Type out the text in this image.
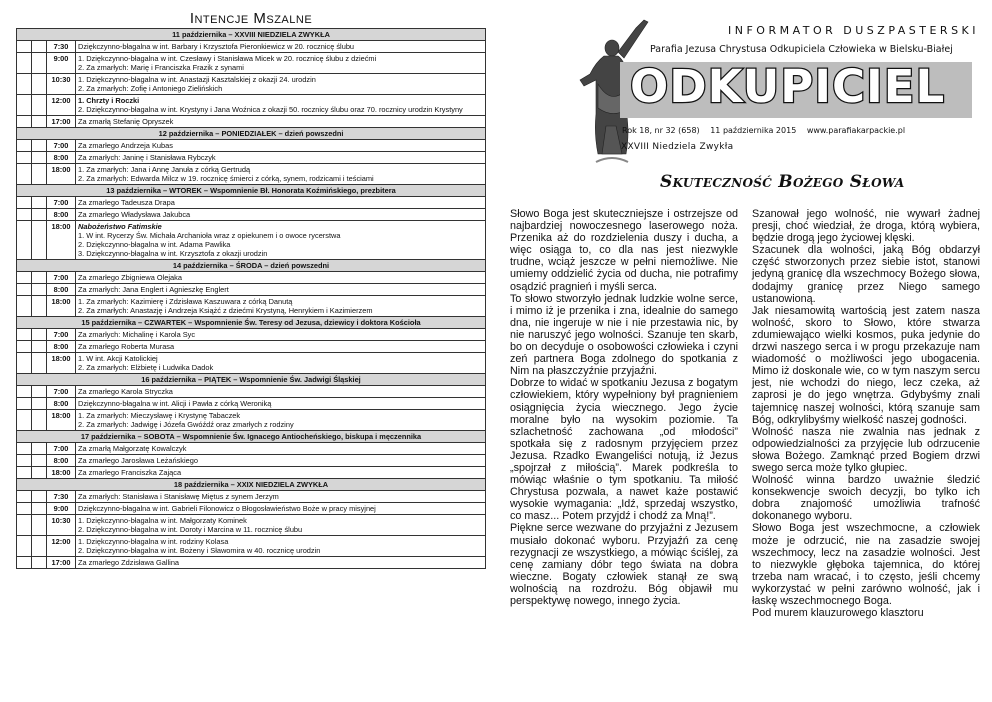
Intencje Mszalne
11 października – XXVIII NIEDZIELA ZWYKŁA			
		7:30	Dziękczynno-błagalna w int. Barbary i Krzysztofa Pieronkiewicz w 20. rocznicę ślubu

		9:00	1. Dziękczynno-błagalna w int. Czesławy i Stanisława Micek w 20. rocznicę ślubu z dziećmi
2. Za zmarłych: Marię i Franciszka Frazik z synami

		10:30	1. Dziękczynno-błagalna w int. Anastazji Kasztalskiej z okazji 24. urodzin
2. Za zmarłych: Zofię i Antoniego Zielińskich

		12:00	1. Chrzty i Roczki
2. Dziękczynno-błagalna w int. Krystyny i Jana Woźnica z okazji 50. rocznicy ślubu oraz 70. rocznicy urodzin Krystyny

		17:00	Za zmarłą Stefanię Opryszek

12 października – PONIEDZIAŁEK – dzień powszedni			
		7:00	Za zmarłego Andrzeja Kubas

		8:00	Za zmarłych: Janinę i Stanisława Rybczyk

		18:00	1. Za zmarłych: Jana i Annę Januła z córką Gertrudą
2. Za zmarłych: Edwarda Milcz w 19. rocznicę śmierci z córką, synem, rodzicami i teściami

13 października – WTOREK – Wspomnienie Bł. Honorata Koźmińskiego, prezbitera			
		7:00	Za zmarłego Tadeusza Drapa

		8:00	Za zmarłego Władysława Jakubca

		18:00	Nabożeństwo Fatimskie
1. W int. Rycerzy Św. Michała Archanioła wraz z opiekunem i o owoce rycerstwa
2. Dziękczynno-błagalna w int. Adama Pawlika
3. Dziękczynno-błagalna w int. Krzysztofa z okazji urodzin

14 października – ŚRODA – dzień powszedni			
		7:00	Za zmarłego Zbigniewa Olejaka

		8:00	Za zmarłych: Jana Englert i Agnieszkę Englert

		18:00	1. Za zmarłych: Kazimierę i Zdzisława Kaszuwara z córką Danutą
2. Za zmarłych: Anastazję i Andrzeja Książć z dziećmi Krystyną, Henrykiem i Kazimierzem

15 października – CZWARTEK – Wspomnienie Św. Teresy od Jezusa, dziewicy i doktora Kościoła			
		7:00	Za zmarłych: Michalinę i Karola Syc

		8:00	Za zmarłego Roberta Murasa

		18:00	1. W int. Akcji Katolickiej
2. Za zmarłych: Elżbietę i Ludwika Dadok

16 października – PIĄTEK – Wspomnienie Św. Jadwigi Śląskiej			
		7:00	Za zmarłego Karola Stryczka

		8:00	Dziękczynno-błagalna w int. Alicji i Pawła z córką Weroniką

		18:00	1. Za zmarłych: Mieczysławę i Krystynę Tabaczek
2. Za zmarłych: Jadwigę i Józefa Gwóźdź oraz zmarłych z rodziny

17 października – SOBOTA – Wspomnienie Św. Ignacego Antiocheńskiego, biskupa i męczennika			
		7:00	Za zmarłą Małgorzatę Kowalczyk

		8:00	Za zmarłego Jarosława Leżańskiego

		18:00	Za zmarłego Franciszka Zająca

18 października – XXIX NIEDZIELA ZWYKŁA			
		7:30	Za zmarłych: Stanisława i Stanisławę Miętus z synem Jerzym

		9:00	Dziękczynno-błagalna w int. Gabrieli Filonowicz o Błogosławieństwo Boże w pracy misyjnej

		10:30	1. Dziękczynno-błagalna w int. Małgorzaty Kominek
2. Dziękczynno-błagalna w int. Doroty i Marcina w 11. rocznicę ślubu

		12:00	1. Dziękczynno-błagalna w int. rodziny Kolasa
2. Dziękczynno-błagalna w int. Bożeny i Sławomira w 40. rocznicę urodzin

		17:00	Za zmarłego Zdzisława Gallina
INFORMATOR DUSZPASTERSKI
Parafia Jezusa Chrystusa Odkupiciela Człowieka w Bielsku-Białej
ODKUPICIEL
Rok 18, nr 32 (658) 11 października 2015 www.parafiakarpackie.pl
XXVIII Niedziela Zwykła
Skuteczność Bożego Słowa

Słowo Boga jest skuteczniejsze i ostrzejsze od najbardziej nowoczesnego laserowego noża. Przenika aż do rozdzielenia duszy i ducha, a więc osiąga to, co dla nas jest niezwykle trudne, wciąż jeszcze w pełni niemożliwe. Nie umiemy oddzielić życia od ducha, nie potrafimy osądzić pragnień i myśli serca.

To słowo stworzyło jednak ludzkie wolne serce, i mimo iż je przenika i zna, idealnie do samego dna, nie ingeruje w nie i nie przestawia nic, by nie naruszyć jego wolności. Szanuje ten skarb, bo on decyduje o osobowości człowieka i czyni zeń partnera Boga zdolnego do spotkania z Nim na płaszczyźnie przyjaźni.

Dobrze to widać w spotkaniu Jezusa z bogatym człowiekiem, który wypełniony był pragnieniem osiągnięcia życia wiecznego. Jego życie moralne było na wysokim poziomie. Ta szlachetność zachowana „od młodości” spotkała się z radosnym przyjęciem przez Jezusa. Rzadko Ewangeliści notują, iż Jezus „spojrzał z miłością”. Marek podkreśla to mówiąc właśnie o tym spotkaniu. Ta miłość Chrystusa pozwala, a nawet każe postawić wysokie wymagania: „Idź, sprzedaj wszystko, co masz... Potem przyjdź i chodź za Mną!”.

Piękne serce wezwane do przyjaźni z Jezusem musiało dokonać wyboru. Przyjaźń za cenę rezygnacji ze wszystkiego, a mówiąc ściślej, za cenę zamiany dóbr tego świata na dobra wieczne. Bogaty człowiek stanął ze swą wolnością na rozdrożu. Bóg objawił mu perspektywę nowego, innego życia.

Szanował jego wolność, nie wywarł żadnej presji, choć wiedział, że droga, którą wybiera, będzie drogą jego życiowej klęski.

Szacunek dla wolności, jaką Bóg obdarzył część stworzonych przez siebie istot, stanowi jedyną granicę dla wszechmocy Bożego słowa, dodajmy granicę przez Niego samego ustanowioną.

Jak niesamowitą wartością jest zatem nasza wolność, skoro to Słowo, które stwarza zdumiewająco wielki kosmos, puka jedynie do drzwi naszego serca i w progu przekazuje nam wiadomość o możliwości jego ubogacenia. Mimo iż doskonale wie, co w tym naszym sercu jest, nie wchodzi do niego, lecz czeka, aż zaprosi je do jego wnętrza. Gdybyśmy znali tajemnicę naszej wolności, którą szanuje sam Bóg, odkrylibyśmy wielkość naszej godności.

Wolność nasza nie zwalnia nas jednak z odpowiedzialności za przyjęcie lub odrzucenie słowa Bożego. Zamknąć przed Bogiem drzwi swego serca może tylko głupiec.

Wolność winna bardzo uważnie śledzić konsekwencje swoich decyzji, bo tylko ich dobra znajomość umożliwia trafność dokonanego wyboru.

Słowo Boga jest wszechmocne, a człowiek może je odrzucić, nie na zasadzie swojej wszechmocy, lecz na zasadzie wolności. Jest to niezwykle głęboka tajemnica, do której trzeba nam wracać, i to często, jeśli chcemy wykorzystać w pełni zarówno wolność, jak i łaskę wszechmocnego Boga.

Pod murem klauzurowego klasztoru
